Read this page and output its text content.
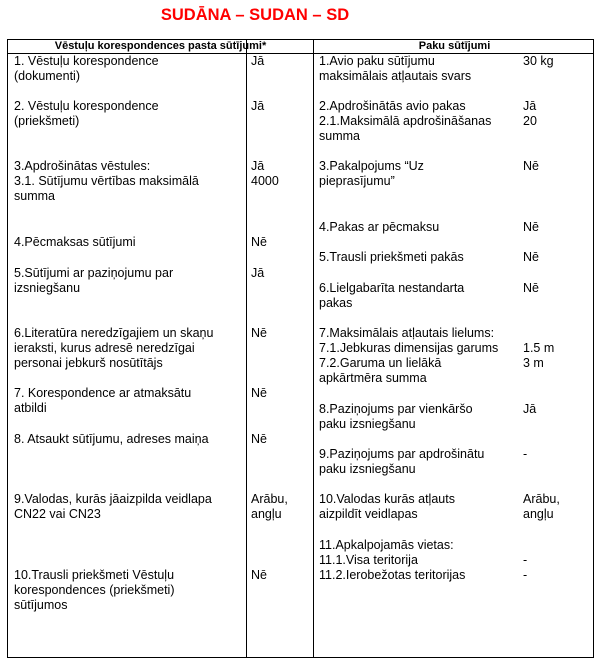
SUDĀNA – SUDAN – SD
Vēstuļu korespondences pasta sūtījumi*	Paku sūtījumi
1. Vēstuļu korespondence
(dokumenti)
2. Vēstuļu korespondence
(priekšmeti)
3.Apdrošinātas vēstules:
3.1. Sūtījumu vērtības maksimālā
summa
4.Pēcmaksas sūtījumi
5.Sūtījumi ar paziņojumu par
izsniegšanu
6.Literatūra neredzīgajiem un skaņu
ieraksti, kurus adresē neredzīgai
personai jebkurš nosūtītājs
7. Korespondence ar atmaksātu
atbildi
8. Atsaukt sūtījumu, adreses maiņa
9.Valodas, kurās jāaizpilda veidlapa
CN22 vai CN23
10.Trausli priekšmeti Vēstuļu
korespondences (priekšmeti)
sūtījumos
Jā
Jā
Jā
4000
Nē
Jā
Nē
Nē
Nē
Arābu,
angļu
Nē
1.Avio paku sūtījumu
maksimālais atļautais svars
2.Apdrošinātās avio pakas
2.1.Maksimālā apdrošināšanas
summa
3.Pakalpojums “Uz
pieprasījumu”
4.Pakas ar pēcmaksu
5.Trausli priekšmeti pakās
6.Lielgabarīta nestandarta
pakas
7.Maksimālais atļautais lielums:
7.1.Jebkuras dimensijas garums
7.2.Garuma un lielākā
apkārtmēra summa
8.Paziņojums par vienkāršo
paku izsniegšanu
9.Paziņojums par apdrošinātu
paku izsniegšanu
10.Valodas kurās atļauts
aizpildīt veidlapas
11.Apkalpojamās vietas:
11.1.Visa teritorija
11.2.Ierobežotas teritorijas
30 kg
Jā
20
Nē
Nē
Nē
Nē

1.5 m
3 m
Jā
-
Arābu,
angļu

-
-
